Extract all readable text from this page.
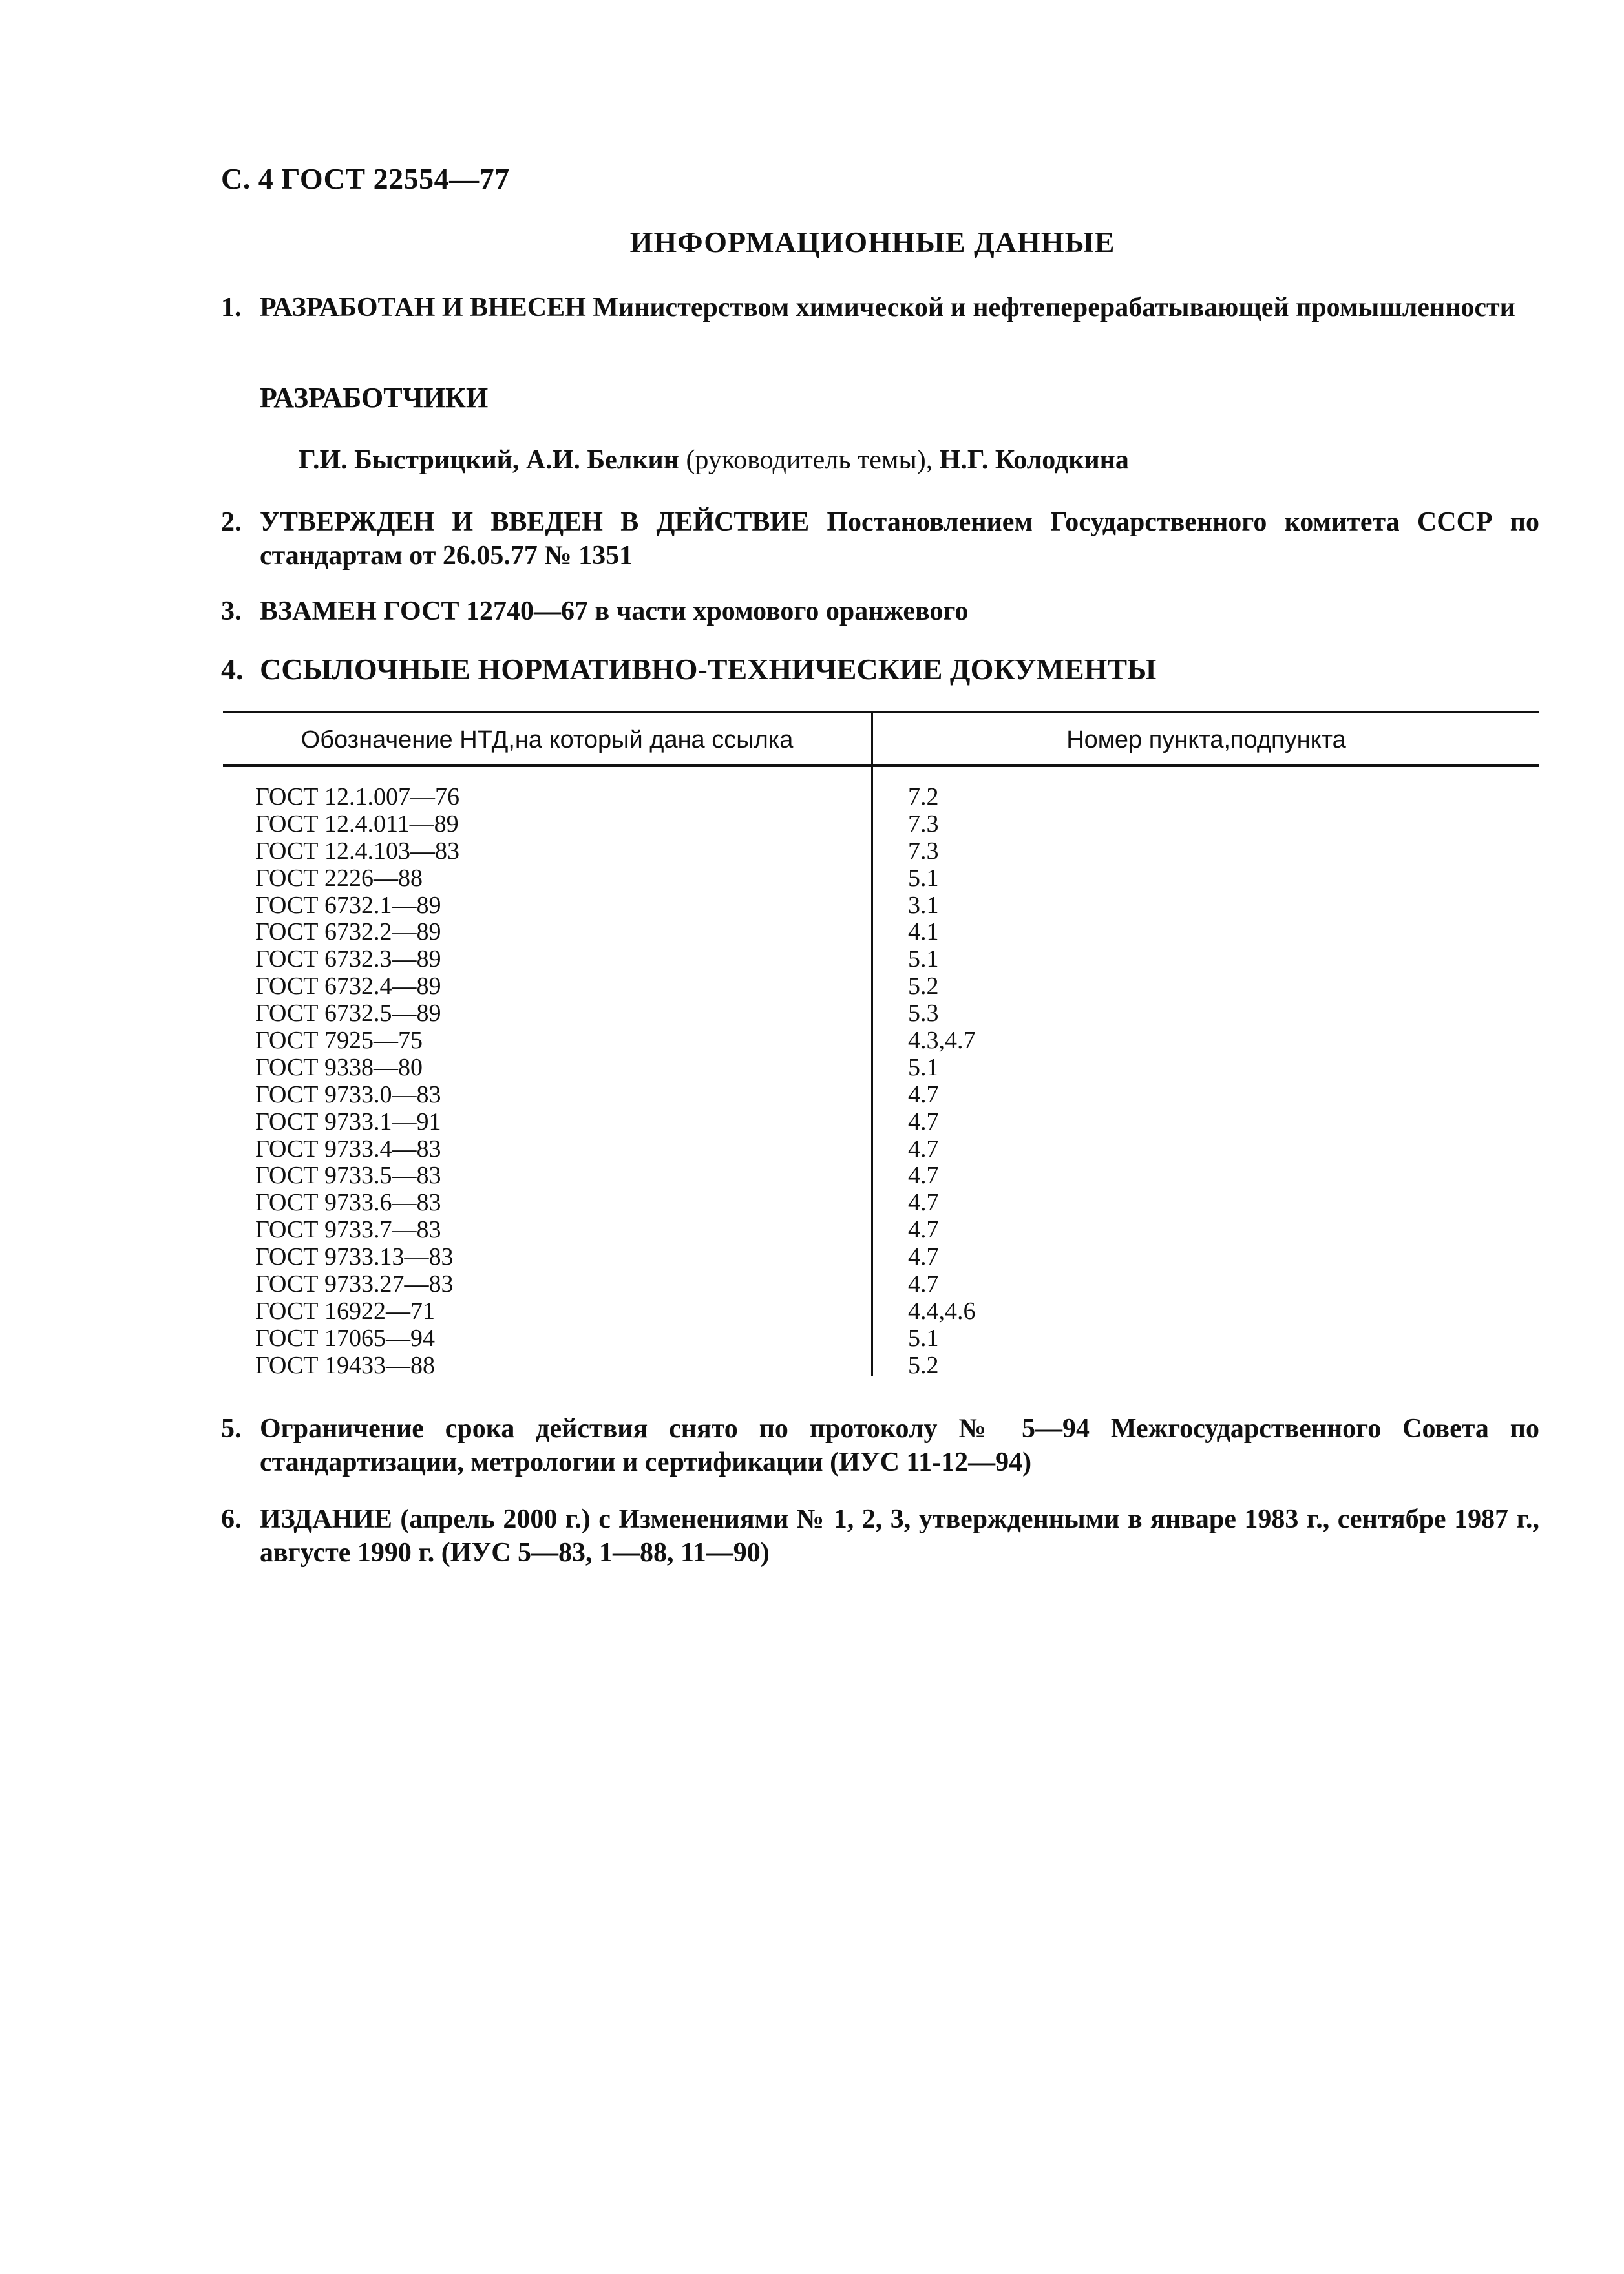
С. 4 ГОСТ 22554—77
ИНФОРМАЦИОННЫЕ ДАННЫЕ
1. РАЗРАБОТАН И ВНЕСЕН Министерством химической и нефтеперерабатывающей промышленности
РАЗРАБОТЧИКИ
Г.И. Быстрицкий, А.И. Белкин (руководитель темы), Н.Г. Колодкина
2. УТВЕРЖДЕН И ВВЕДЕН В ДЕЙСТВИЕ Постановлением Государственного комитета СССР по стандартам от 26.05.77 № 1351
3. ВЗАМЕН ГОСТ 12740—67 в части хромового оранжевого
4. ССЫЛОЧНЫЕ НОРМАТИВНО-ТЕХНИЧЕСКИЕ ДОКУМЕНТЫ
Обозначение НТД,на который дана ссылка	Номер пункта,подпункта
ГОСТ 12.1.007—76
ГОСТ 12.4.011—89
ГОСТ 12.4.103—83
ГОСТ 2226—88
ГОСТ 6732.1—89
ГОСТ 6732.2—89
ГОСТ 6732.3—89
ГОСТ 6732.4—89
ГОСТ 6732.5—89
ГОСТ 7925—75
ГОСТ 9338—80
ГОСТ 9733.0—83
ГОСТ 9733.1—91
ГОСТ 9733.4—83
ГОСТ 9733.5—83
ГОСТ 9733.6—83
ГОСТ 9733.7—83
ГОСТ 9733.13—83
ГОСТ 9733.27—83
ГОСТ 16922—71
ГОСТ 17065—94
ГОСТ 19433—88
7.2
7.3
7.3
5.1
3.1
4.1
5.1
5.2
5.3
4.3,4.7
5.1
4.7
4.7
4.7
4.7
4.7
4.7
4.7
4.7
4.4,4.6
5.1
5.2
5. Ограничение срока действия снято по протоколу № 5—94 Межгосударственного Совета по стандартизации, метрологии и сертификации (ИУС 11-12—94)
6. ИЗДАНИЕ (апрель 2000 г.) с Изменениями № 1, 2, 3, утвержденными в январе 1983 г., сентябре 1987 г., августе 1990 г. (ИУС 5—83, 1—88, 11—90)
